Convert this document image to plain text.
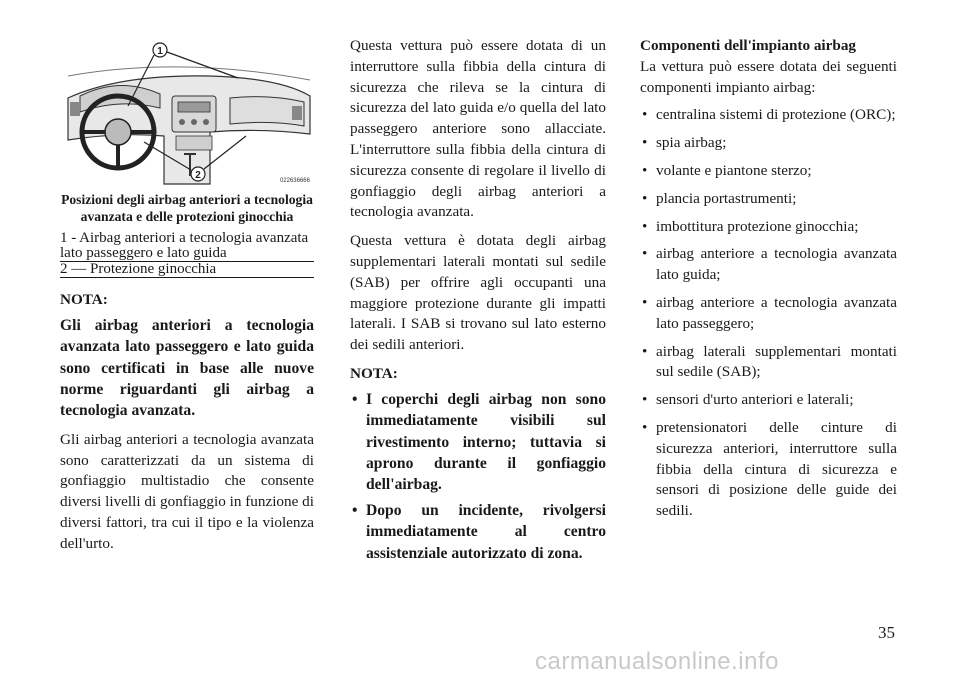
1
2	022636666
Posizioni degli airbag anteriori a tecnologia avanzata e delle protezioni ginocchia
1 - Airbag anteriori a tecnologia avanzata lato passeggero e lato guida
2 — Protezione ginocchia

NOTA:

Gli airbag anteriori a tecnologia avanzata lato passeggero e lato guida sono certificati in base alle nuove norme riguardanti gli airbag a tecnologia avanzata.

Gli airbag anteriori a tecnologia avanzata sono caratterizzati da un sistema di gonfiaggio multistadio che consente diversi livelli di gonfiaggio in funzione di diversi fattori, tra cui il tipo e la violenza dell'urto.

Questa vettura può essere dotata di un interruttore sulla fibbia della cintura di sicurezza che rileva se la cintura di sicurezza del lato guida e/o quella del lato passeggero anteriore sono allacciate. L'interruttore sulla fibbia della cintura di sicurezza consente di regolare il livello di gonfiaggio degli airbag anteriori a tecnologia avanzata.

Questa vettura è dotata degli airbag supplementari laterali montati sul sedile (SAB) per offrire agli occupanti una maggiore protezione durante gli impatti laterali. I SAB si trovano sul lato esterno dei sedili anteriori.

NOTA:

• I coperchi degli airbag non sono immediatamente visibili sul rivestimento interno; tuttavia si aprono durante il gonfiaggio dell'airbag.
• Dopo un incidente, rivolgersi immediatamente al centro assistenziale autorizzato di zona.

Componenti dell'impianto airbag

La vettura può essere dotata dei seguenti componenti impianto airbag:

• centralina sistemi di protezione (ORC);
• spia airbag;
• volante e piantone sterzo;
• plancia portastrumenti;
• imbottitura protezione ginocchia;
• airbag anteriore a tecnologia avanzata lato guida;
• airbag anteriore a tecnologia avanzata lato passeggero;
• airbag laterali supplementari montati sul sedile (SAB);
• sensori d'urto anteriori e laterali;
• pretensionatori delle cinture di sicurezza anteriori, interruttore sulla fibbia della cintura di sicurezza e sensori di posizione delle guide dei sedili.
35
carmanualsonline.info
